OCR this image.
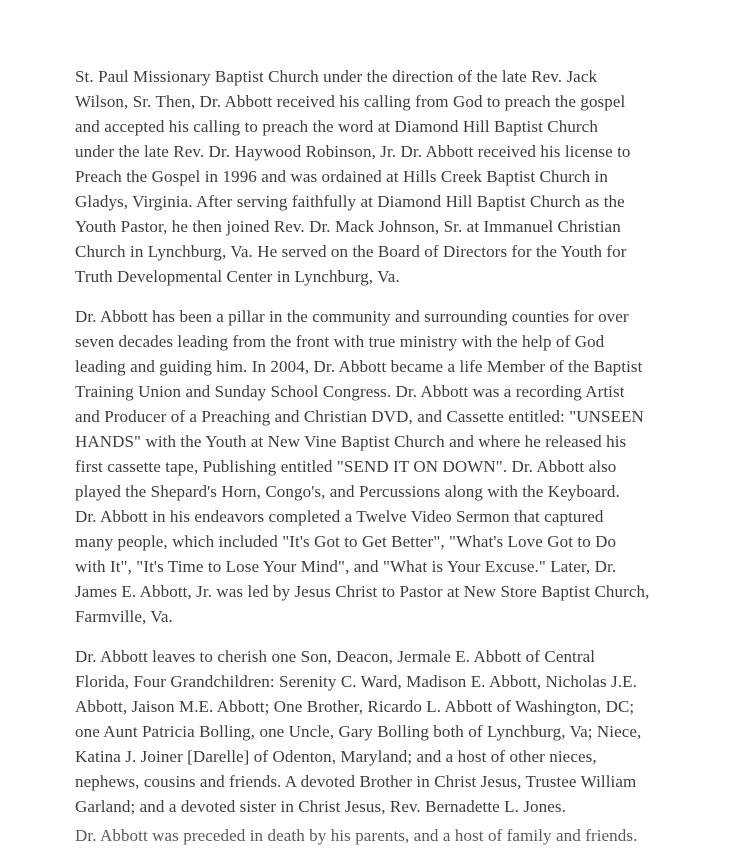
St. Paul Missionary Baptist Church under the direction of the late Rev. Jack
Wilson, Sr. Then, Dr. Abbott received his calling from God to preach the gospel
and accepted his calling to preach the word at Diamond Hill Baptist Church
under the late Rev. Dr. Haywood Robinson, Jr. Dr. Abbott received his license to
Preach the Gospel in 1996 and was ordained at Hills Creek Baptist Church in
Gladys, Virginia. After serving faithfully at Diamond Hill Baptist Church as the
Youth Pastor, he then joined Rev. Dr. Mack Johnson, Sr. at Immanuel Christian
Church in Lynchburg, Va. He served on the Board of Directors for the Youth for
Truth Developmental Center in Lynchburg, Va.

Dr. Abbott has been a pillar in the community and surrounding counties for over
seven decades leading from the front with true ministry with the help of God
leading and guiding him. In 2004, Dr. Abbott became a life Member of the Baptist
Training Union and Sunday School Congress. Dr. Abbott was a recording Artist
and Producer of a Preaching and Christian DVD, and Cassette entitled: "UNSEEN
HANDS" with the Youth at New Vine Baptist Church and where he released his
first cassette tape, Publishing entitled "SEND IT ON DOWN". Dr. Abbott also
played the Shepard's Horn, Congo's, and Percussions along with the Keyboard.
Dr. Abbott in his endeavors completed a Twelve Video Sermon that captured
many people, which included "It's Got to Get Better", "What's Love Got to Do
with It", "It's Time to Lose Your Mind", and "What is Your Excuse." Later, Dr.
James E. Abbott, Jr. was led by Jesus Christ to Pastor at New Store Baptist Church,
Farmville, Va.

Dr. Abbott leaves to cherish one Son, Deacon, Jermale E. Abbott of Central
Florida, Four Grandchildren: Serenity C. Ward, Madison E. Abbott, Nicholas J.E.
Abbott, Jaison M.E. Abbott; One Brother, Ricardo L. Abbott of Washington, DC;
one Aunt Patricia Bolling, one Uncle, Gary Bolling both of Lynchburg, Va; Niece,
Katina J. Joiner [Darelle] of Odenton, Maryland; and a host of other nieces,
nephews, cousins and friends. A devoted Brother in Christ Jesus, Trustee William
Garland; and a devoted sister in Christ Jesus, Rev. Bernadette L. Jones.

Dr. Abbott was preceded in death by his parents, and a host of family and friends.
